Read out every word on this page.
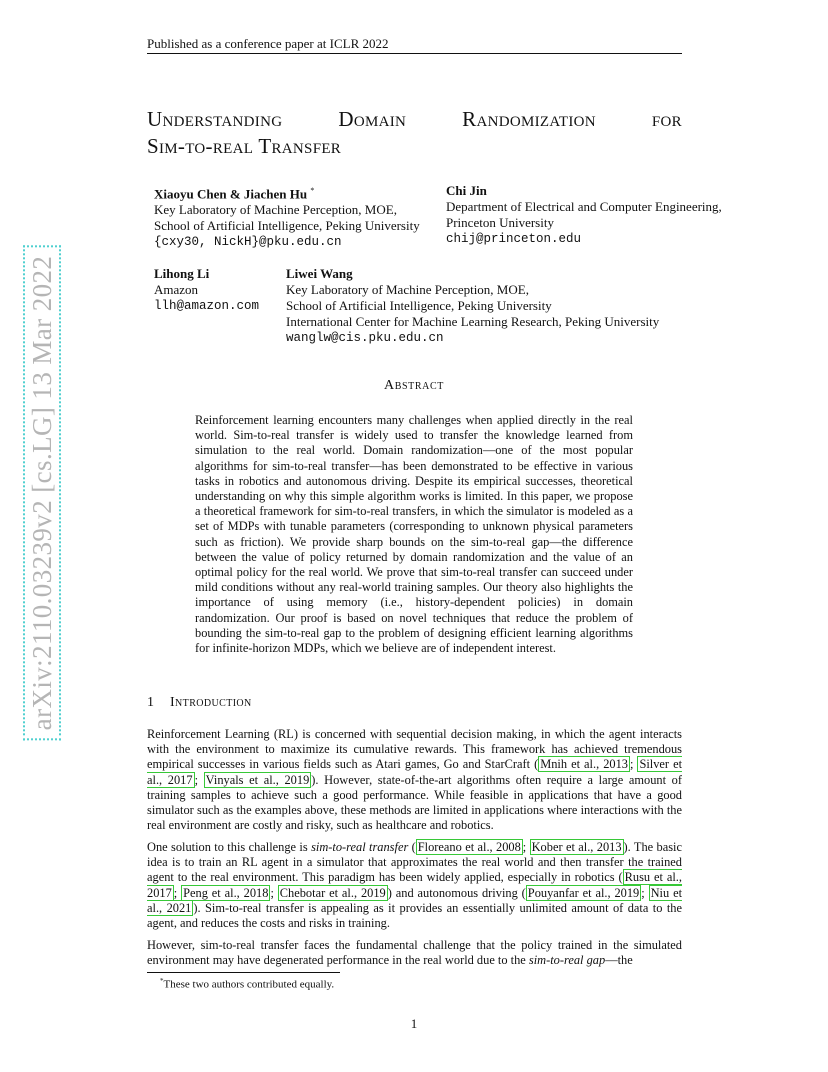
Published as a conference paper at ICLR 2022
Understanding	Domain	Randomization	for
Sim-to-real Transfer
Xiaoyu Chen & Jiachen Hu *
Key Laboratory of Machine Perception, MOE,
School of Artificial Intelligence, Peking University
{cxy30, NickH}@pku.edu.cn
Chi Jin
Department of Electrical and Computer Engineering,
Princeton University
chij@princeton.edu
Lihong Li
Amazon
llh@amazon.com
Liwei Wang
Key Laboratory of Machine Perception, MOE,
School of Artificial Intelligence, Peking University
International Center for Machine Learning Research, Peking University
wanglw@cis.pku.edu.cn
Abstract
Reinforcement learning encounters many challenges when applied directly in the real world. Sim-to-real transfer is widely used to transfer the knowledge learned from simulation to the real world. Domain randomization—one of the most popular algorithms for sim-to-real transfer—has been demonstrated to be effective in various tasks in robotics and autonomous driving. Despite its empirical successes, theoretical understanding on why this simple algorithm works is limited. In this paper, we propose a theoretical framework for sim-to-real transfers, in which the simulator is modeled as a set of MDPs with tunable parameters (corresponding to unknown physical parameters such as friction). We provide sharp bounds on the sim-to-real gap—the difference between the value of policy returned by domain randomization and the value of an optimal policy for the real world. We prove that sim-to-real transfer can succeed under mild conditions without any real-world training samples. Our theory also highlights the importance of using memory (i.e., history-dependent policies) in domain randomization. Our proof is based on novel techniques that reduce the problem of bounding the sim-to-real gap to the problem of designing efficient learning algorithms for infinite-horizon MDPs, which we believe are of independent interest.
1 Introduction
Reinforcement Learning (RL) is concerned with sequential decision making, in which the agent interacts with the environment to maximize its cumulative rewards. This framework has achieved tremendous empirical successes in various fields such as Atari games, Go and StarCraft ( Mnih et al., 2013 ; Silver et al., 2017 ; Vinyals et al., 2019 ). However, state-of-the-art algorithms often require a large amount of training samples to achieve such a good performance. While feasible in applications that have a good simulator such as the examples above, these methods are limited in applications where interactions with the real environment are costly and risky, such as healthcare and robotics.
One solution to this challenge is sim-to-real transfer ( Floreano et al., 2008 ; Kober et al., 2013 ). The basic idea is to train an RL agent in a simulator that approximates the real world and then transfer the trained agent to the real environment. This paradigm has been widely applied, especially in robotics ( Rusu et al., 2017 ; Peng et al., 2018 ; Chebotar et al., 2019 ) and autonomous driving ( Pouyanfar et al., 2019 ; Niu et al., 2021 ). Sim-to-real transfer is appealing as it provides an essentially unlimited amount of data to the agent, and reduces the costs and risks in training.
However, sim-to-real transfer faces the fundamental challenge that the policy trained in the simulated environment may have degenerated performance in the real world due to the sim-to-real gap—the
*These two authors contributed equally.
1
arXiv:2110.03239v2 [cs.LG] 13 Mar 2022
